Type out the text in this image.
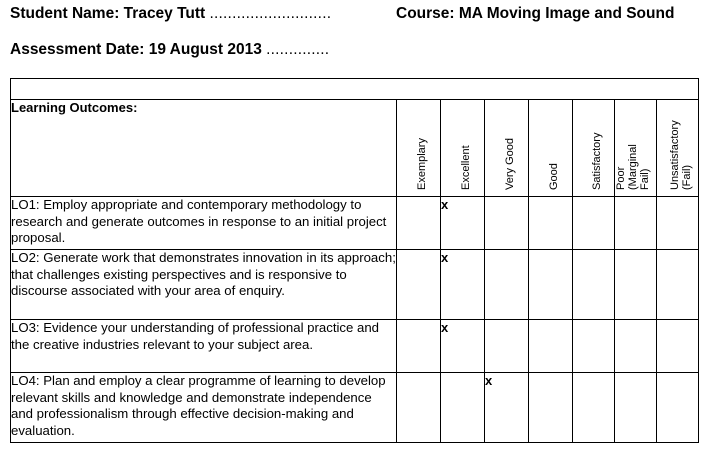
Student Name: Tracey Tutt ...........................	Course: MA Moving Image and Sound
Assessment Date: 19 August 2013 ..............

Learning Outcomes:	Exemplary	Excellent	Very Good	Good	Satisfactory	Poor (Marginal Fail)	Unsatisfactory (Fail)

LO1: Employ appropriate and contemporary methodology to research and generate outcomes in response to an initial project proposal.		x					
LO2: Generate work that demonstrates innovation in its approach; that challenges existing perspectives and is responsive to discourse associated with your area of enquiry.		x					
LO3: Evidence your understanding of professional practice and the creative industries relevant to your subject area.		x					
LO4: Plan and employ a clear programme of learning to develop relevant skills and knowledge and demonstrate independence and professionalism through effective decision-making and evaluation.			x				
